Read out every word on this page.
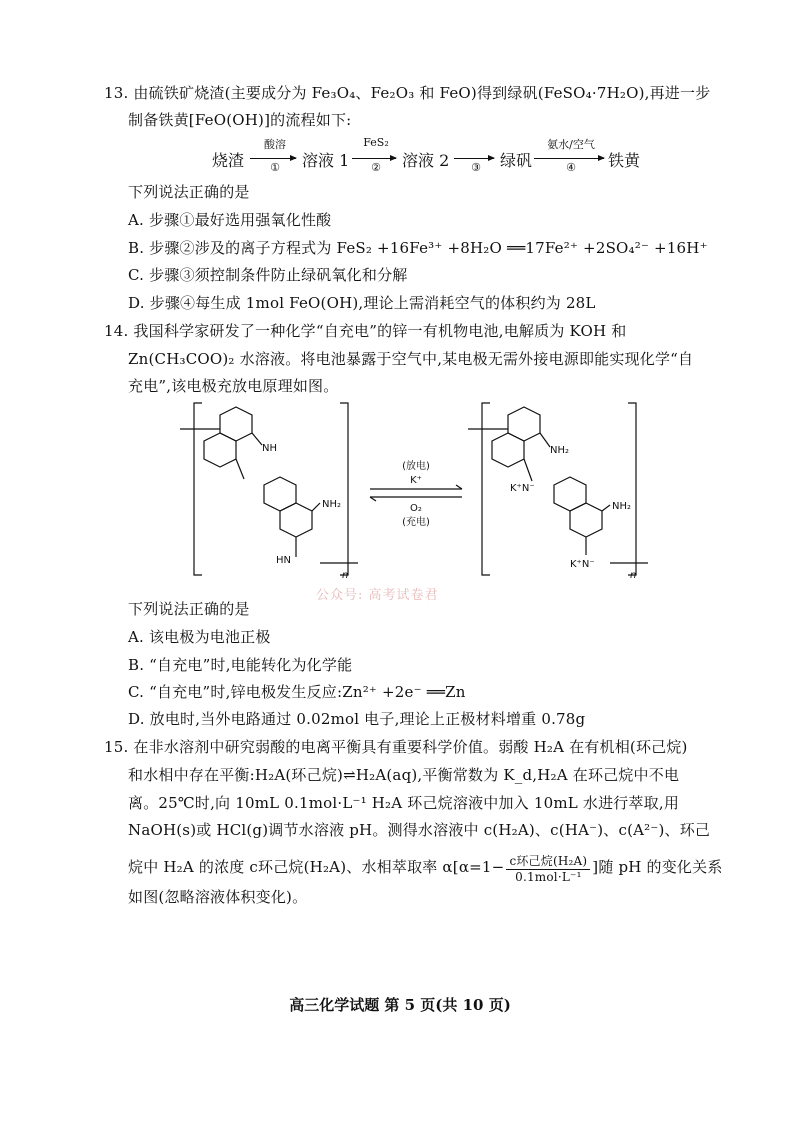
13. 由硫铁矿烧渣(主要成分为 Fe₃O₄、Fe₂O₃ 和 FeO)得到绿矾(FeSO₄·7H₂O),再进一步
制备铁黄[FeO(OH)]的流程如下:
烧渣
酸溶
①	溶液 1
FeS₂
②	溶液 2	③	绿矾
氨水/空气
④	铁黄
下列说法正确的是
A. 步骤①最好选用强氧化性酸
B. 步骤②涉及的离子方程式为 FeS₂ +16Fe³⁺ +8H₂O ══17Fe²⁺ +2SO₄²⁻ +16H⁺
C. 步骤③须控制条件防止绿矾氧化和分解
D. 步骤④每生成 1mol FeO(OH),理论上需消耗空气的体积约为 28L
14. 我国科学家研发了一种化学“自充电”的锌一有机物电池,电解质为 KOH 和
Zn(CH₃COO)₂ 水溶液。将电池暴露于空气中,某电极无需外接电源即能实现化学“自
充电”,该电极充放电原理如图。
NH
NH₂
HN
n
NH₂
K⁺N⁻
NH₂
K⁺N⁻
n
(放电)
K⁺
O₂
(充电)
公众号: 高考试卷君
下列说法正确的是
A. 该电极为电池正极
B. “自充电”时,电能转化为化学能
C. “自充电”时,锌电极发生反应:Zn²⁺ +2e⁻ ══Zn
D. 放电时,当外电路通过 0.02mol 电子,理论上正极材料增重 0.78g
15. 在非水溶剂中研究弱酸的电离平衡具有重要科学价值。弱酸 H₂A 在有机相(环己烷)
和水相中存在平衡:H₂A(环己烷)⇌H₂A(aq),平衡常数为 K_d,H₂A 在环己烷中不电
离。25℃时,向 10mL 0.1mol·L⁻¹ H₂A 环己烷溶液中加入 10mL 水进行萃取,用
NaOH(s)或 HCl(g)调节水溶液 pH。测得水溶液中 c(H₂A)、c(HA⁻)、c(A²⁻)、环己
烷中 H₂A 的浓度 c环己烷(H₂A)、水相萃取率 α[α=1− c环己烷(H₂A)
0.1mol·L⁻¹
]随 pH 的变化关系
如图(忽略溶液体积变化)。
高三化学试题 第 5 页(共 10 页)
